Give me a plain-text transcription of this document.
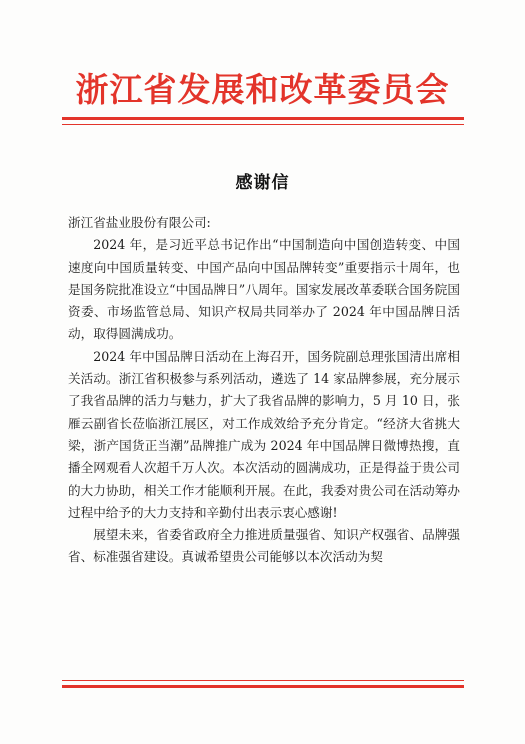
浙江省发展和改革委员会
感谢信

浙江省盐业股份有限公司:

2024 年，是习近平总书记作出“中国制造向中国创造转变、中国速度向中国质量转变、中国产品向中国品牌转变”重要指示十周年，也是国务院批准设立“中国品牌日”八周年。国家发展改革委联合国务院国资委、市场监管总局、知识产权局共同举办了 2024 年中国品牌日活动，取得圆满成功。

2024 年中国品牌日活动在上海召开，国务院副总理张国清出席相关活动。浙江省积极参与系列活动，遴选了 14 家品牌参展，充分展示了我省品牌的活力与魅力，扩大了我省品牌的影响力，5 月 10 日，张雁云副省长莅临浙江展区，对工作成效给予充分肯定。“经济大省挑大梁，浙产国货正当潮”品牌推广成为 2024 年中国品牌日微博热搜，直播全网观看人次超千万人次。本次活动的圆满成功，正是得益于贵公司的大力协助，相关工作才能顺利开展。在此，我委对贵公司在活动筹办过程中给予的大力支持和辛勤付出表示衷心感谢!

展望未来，省委省政府全力推进质量强省、知识产权强省、品牌强省、标准强省建设。真诚希望贵公司能够以本次活动为契
